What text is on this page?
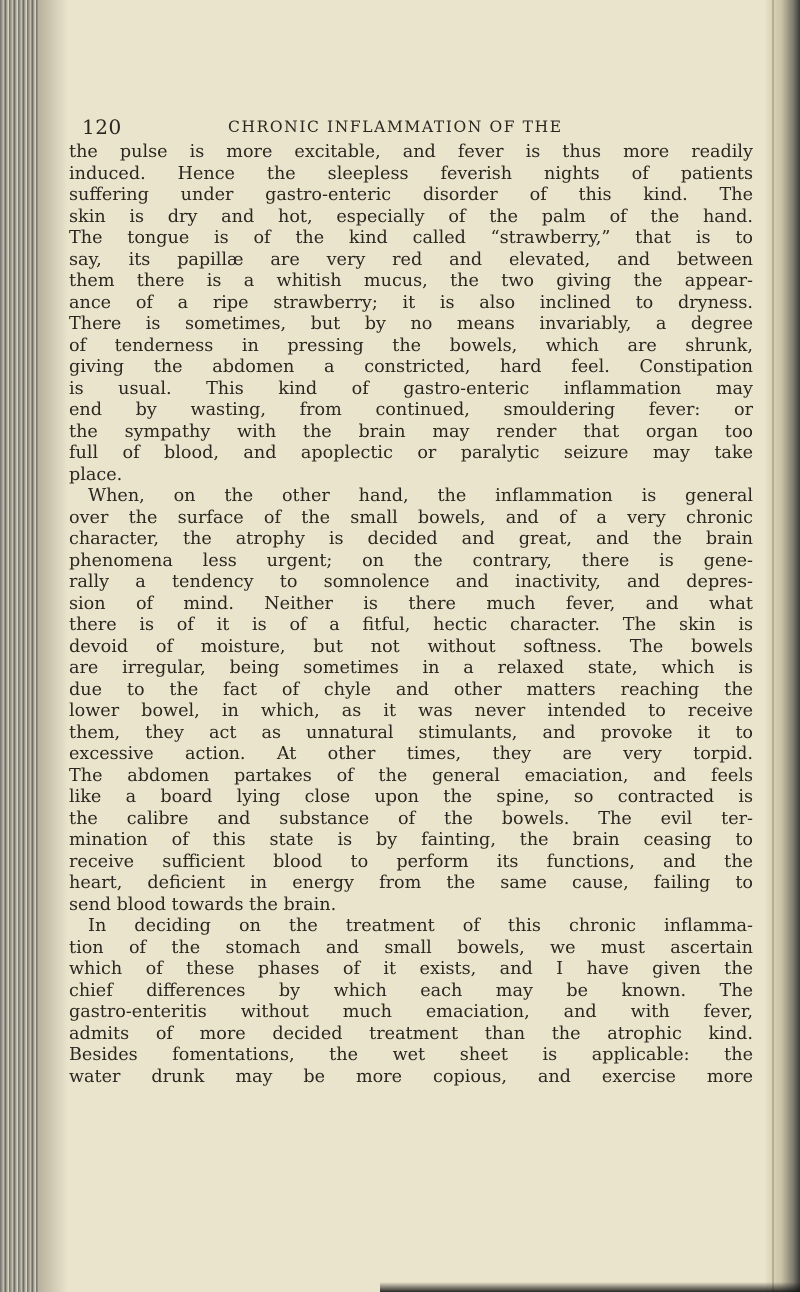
120	CHRONIC INFLAMMATION OF THE

the pulse is more excitable, and fever is thus more readily
induced. Hence the sleepless feverish nights of patients
suffering under gastro-enteric disorder of this kind. The
skin is dry and hot, especially of the palm of the hand.
The tongue is of the kind called “strawberry,” that is to
say, its papillæ are very red and elevated, and between
them there is a whitish mucus, the two giving the appear-
ance of a ripe strawberry; it is also inclined to dryness.
There is sometimes, but by no means invariably, a degree
of tenderness in pressing the bowels, which are shrunk,
giving the abdomen a constricted, hard feel. Constipation
is usual. This kind of gastro-enteric inflammation may
end by wasting, from continued, smouldering fever: or
the sympathy with the brain may render that organ too
full of blood, and apoplectic or paralytic seizure may take
place.

When, on the other hand, the inflammation is general
over the surface of the small bowels, and of a very chronic
character, the atrophy is decided and great, and the brain
phenomena less urgent; on the contrary, there is gene-
rally a tendency to somnolence and inactivity, and depres-
sion of mind. Neither is there much fever, and what
there is of it is of a fitful, hectic character. The skin is
devoid of moisture, but not without softness. The bowels
are irregular, being sometimes in a relaxed state, which is
due to the fact of chyle and other matters reaching the
lower bowel, in which, as it was never intended to receive
them, they act as unnatural stimulants, and provoke it to
excessive action. At other times, they are very torpid.
The abdomen partakes of the general emaciation, and feels
like a board lying close upon the spine, so contracted is
the calibre and substance of the bowels. The evil ter-
mination of this state is by fainting, the brain ceasing to
receive sufficient blood to perform its functions, and the
heart, deficient in energy from the same cause, failing to
send blood towards the brain.

In deciding on the treatment of this chronic inflamma-
tion of the stomach and small bowels, we must ascertain
which of these phases of it exists, and I have given the
chief differences by which each may be known. The
gastro-enteritis without much emaciation, and with fever,
admits of more decided treatment than the atrophic kind.
Besides fomentations, the wet sheet is applicable: the
water drunk may be more copious, and exercise more
